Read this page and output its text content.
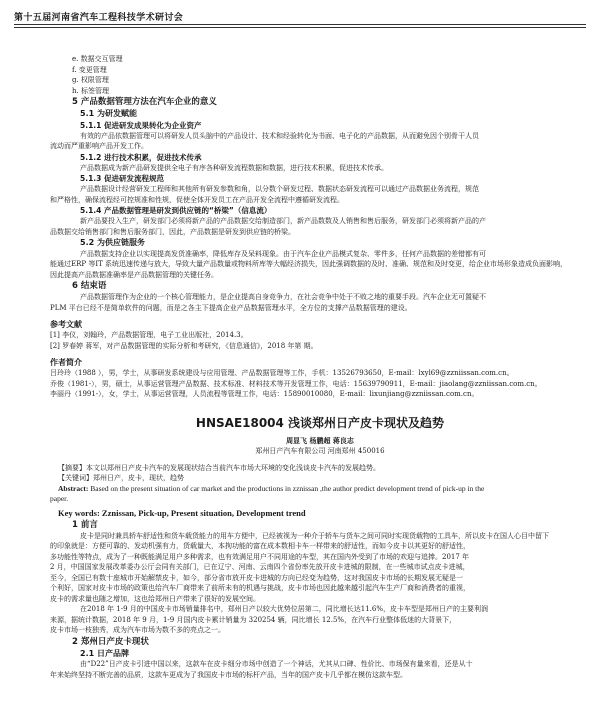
第十五届河南省汽车工程科技学术研讨会

e. 数据交互管理

f. 变更管理

g. 权限管理

h. 标签管理

5 产品数据管理方法在汽车企业的意义
5.1 为研发赋能
5.1.1 促进研发成果转化为企业资产

有效的产品依数据管理可以将研发人员头脑中的产品设计、技术和经验转化为书面、电子化的产品数据，从而避免因个别骨干人员

流动而严重影响产品开发工作。

5.1.2 进行技术积累，促进技术传承

产品数据成为新产品研发提供全电子有序各种研发流程数据和数据，进行技术积累，促进技术传承。

5.1.3 促进研发流程规范

产品数据设计经营研发工程师和其他所有研发参数和角，以分数个研发过程、数据状态研发流程可以通过产品数据业务流程，规范

和严格性，确保流程经可控规准和性规，促使全体开发员工在产品开发全流程中遵循研发流程。

5.1.4 产品数据管理是研发到供应链的“桥梁”（信息流）

新产品要投入生产，研发部门必须将新产品的产品数据交给制造部门，新产品数数及人销售和售后服务，研发部门必须将新产品的产

品数据交给销售部门和售后服务部门，因此，产品数据是研发到供应链的桥梁。

5.2 为供应链服务

产品数据支持企业以实现提高发货准确率，降低库存及呆料现象。由于汽车企业产品模式复杂、零件多，任何产品数据的差错都有可

能通过ERP 等IT 系统迅速传递与放大，导致大量产品数量或物料所库等大幅经济损失，因此强调数据的及时、准确、规范和及时变更，给企业市场形象造成负面影响，

因此提高产品数据准确率是产品数据管理的关键任务。

6 结束语

产品数据管理作为企业的一个核心管理能力，是企业提高自身竞争力，在社会竞争中处于不败之地的重要手段。汽车企业无可置疑不

PLM 平台已经不是简单软件的问题，而是之各主下提高企业产品数据管理水平，全方位的支撑产品数据管理的建设。

参考文献

[1] 李仪，刘翰玲，产品数据管理，电子工业出版社，2014.3。

[2] 罗春婷 蒋军，对产品数据管理的实际分析和考研究，《信息通信》，2018 年第 期。

作者简介

吕玲玲（1988 ），男，学士，从事研发系统建设与应用管理、产品数据管理等工作，手机：13526793650，E-mail：lxyl69@zzniissan.com.cn。

乔俊（1981-），男，硕士，从事运营管理产品数据、技术标准、材料技术等开发管理工作，电话：15639790911，E-mail：jiaolang@zzniissan.com.cn。

李丽丹（1991-），女，学士，从事运营管理，人员流程等管理工作，电话：15890010080，E-mail：lixunjiang@zzniissan.com.cn。

HNSAE18004 浅谈郑州日产皮卡现状及趋势

周显飞 杨鹏超 蒋良志

郑州日产汽车有限公司 河南郑州 450016

【摘要】本文以郑州日产皮卡汽车的发展现状结合当前汽车市场大环境的变化浅谈皮卡汽车的发展趋势。

【关键词】郑州日产，皮卡，现状，趋势

Abstract: Based on the present situation of car market and the productions in zznissan ,the author predict development trend of pick-up in the

paper.

Key words: Zznissan, Pick-up, Present situation, Development trend
1 前言

皮卡是同时兼具轿车舒适性和货车载货能力的用车方便中，已经被视为一种介于轿车与货车之间可同时实现货载物的工具车，所以皮卡在国人心目中留下

的印象就是：方便可靠的、发动机强有力，货载量大，本拘功能的富在成本数相卡车一样带来的舒适性，而如今皮卡以其更好的舒适性，

多功能性等特点，成为了一种既能满足用户多种需求，也有效满足用户不同用途的车型，其在国内外受到了市场的欢迎与追捧。2017 年

2 月，中国国家发展改革委办公厅会同有关部门，已在辽宁、河南、云南四个省份率先放开皮卡进城的限制，在一些城市试点皮卡进城，

至今，全国已有数十座城市开始解禁皮卡，如今，部分省市放开皮卡进城的方向已经变为趋势，这对我国皮卡市场的长期发展无疑是一

个利好，国家对皮卡市场的政策也给汽车厂商带来了前所未有的机遇与挑战，皮卡市场也因此越来越引起汽车生产厂商和消费者的重视，

皮卡的需求量也随之增加，这也给郑州日产带来了很好的发展空间。

在2018 年 1-9 月的中国皮卡市场销量排名中，郑州日产以较大优势位居第二，同比增长达11.6%，皮卡车型是郑州日产的主要利润

来源，据统计数据，2018 年 9 月，1-9 月国内皮卡累计销量为 320254 辆，同比增长 12.5%，在汽车行业整体低迷的大背景下，

皮卡市场一枝独秀，成为汽车市场为数不多的亮点之一。

2 郑州日产皮卡现状
2.1 日产品牌

由“D22”日产皮卡引进中国以来，这款车在皮卡细分市场中创造了一个神话，尤其从口碑、性价比、市场保有量来看，还是从十

年来始终坚持不断完善的品质，这款车更成为了我国皮卡市场的标杆产品，当年的国产皮卡几乎都在模仿这款车型。
